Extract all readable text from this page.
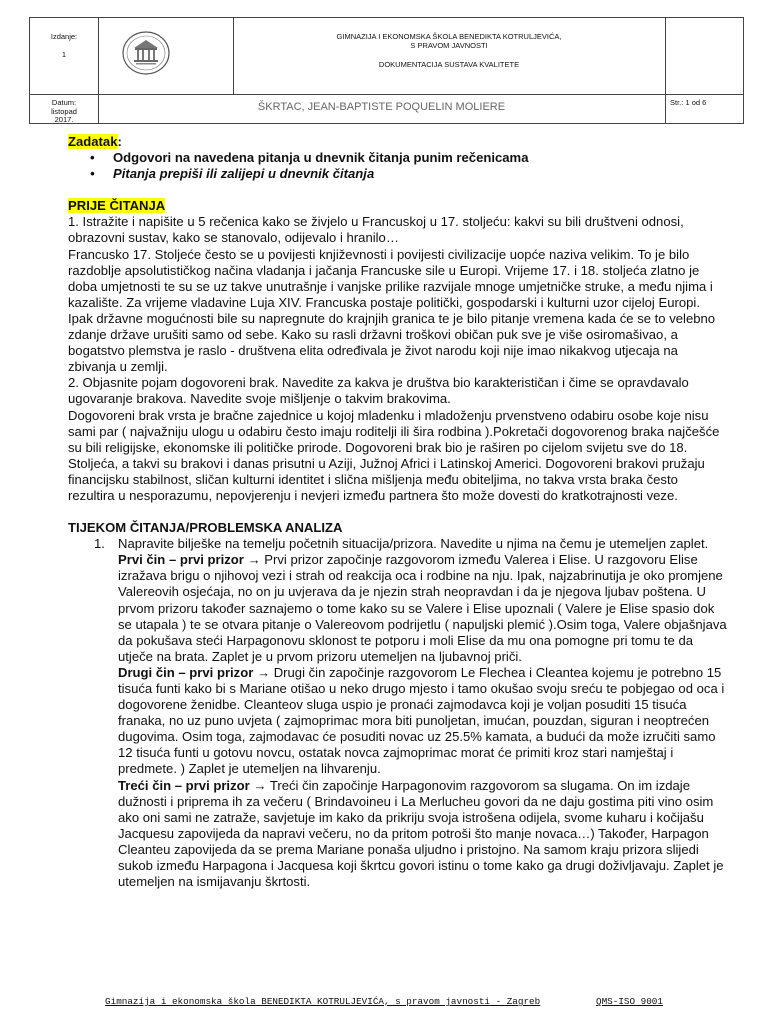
Izdanje:
1
GIMNAZIJA I EKONOMSKA ŠKOLA BENEDIKTA KOTRULJEVIĆA,
S PRAVOM JAVNOSTI
DOKUMENTACIJA SUSTAVA KVALITETE
Datum:
listopad
2017.
ŠKRTAC, JEAN-BAPTISTE POQUELIN MOLIERE	Str.: 1 od 6

Zadatak:

• Odgovori na navedena pitanja u dnevnik čitanja punim rečenicama

• Pitanja prepiši ili zalijepi u dnevnik čitanja

PRIJE ČITANJA

1. Istražite i napišite u 5 rečenica kako se živjelo u Francuskoj u 17. stoljeću: kakvi su bili društveni odnosi, obrazovni sustav, kako se stanovalo, odijevalo i hranilo…

Francusko 17. Stoljeće često se u povijesti književnosti i povijesti civilizacije uopće naziva velikim. To je bilo razdoblje apsolutističkog načina vladanja i jačanja Francuske sile u Europi. Vrijeme 17. i 18. stoljeća zlatno je doba umjetnosti te su se uz takve unutrašnje i vanjske prilike razvijale mnoge umjetničke struke, a među njima i kazalište. Za vrijeme vladavine Luja XIV. Francuska postaje politički, gospodarski i kulturni uzor cijeloj Europi. Ipak državne mogućnosti bile su napregnute do krajnjih granica te je bilo pitanje vremena kada će se to velebno zdanje države urušiti samo od sebe. Kako su rasli državni troškovi običan puk sve je više osiromašivao, a bogatstvo plemstva je raslo - društvena elita određivala je život narodu koji nije imao nikakvog utjecaja na zbivanja u zemlji.

2. Objasnite pojam dogovoreni brak. Navedite za kakva je društva bio karakterističan i čime se opravdavalo ugovaranje brakova. Navedite svoje mišljenje o takvim brakovima.

Dogovoreni brak vrsta je bračne zajednice u kojoj mladenku i mladoženju prvenstveno odabiru osobe koje nisu sami par ( najvažniju ulogu u odabiru često imaju roditelji ili šira rodbina ).Pokretači dogovorenog braka najčešće su bili religijske, ekonomske ili političke prirode. Dogovoreni brak bio je raširen po cijelom svijetu sve do 18. Stoljeća, a takvi su brakovi i danas prisutni u Aziji, Južnoj Africi i Latinskoj Americi. Dogovoreni brakovi pružaju financijsku stabilnost, sličan kulturni identitet i slična mišljenja među obiteljima, no takva vrsta braka često rezultira u nesporazumu, nepovjerenju i nevjeri između partnera što može dovesti do kratkotrajnosti veze.

TIJEKOM ČITANJA/PROBLEMSKA ANALIZA

1. Napravite bilješke na temelju početnih situacija/prizora. Navedite u njima na čemu je utemeljen zaplet.

Prvi čin – prvi prizor → Prvi prizor započinje razgovorom između Valerea i Elise. U razgovoru Elise izražava brigu o njihovoj vezi i strah od reakcija oca i rodbine na nju. Ipak, najzabrinutija je oko promjene Valereovih osjećaja, no on ju uvjerava da je njezin strah neopravdan i da je njegova ljubav poštena. U prvom prizoru također saznajemo o tome kako su se Valere i Elise upoznali ( Valere je Elise spasio dok se utapala ) te se otvara pitanje o Valereovom podrijetlu ( napuljski plemić ).Osim toga, Valere objašnjava da pokušava steći Harpagonovu sklonost te potporu i moli Elise da mu ona pomogne pri tomu te da utječe na brata. Zaplet je u prvom prizoru utemeljen na ljubavnoj priči.

Drugi čin – prvi prizor → Drugi čin započinje razgovorom Le Flechea i Cleantea kojemu je potrebno 15 tisuća funti kako bi s Mariane otišao u neko drugo mjesto i tamo okušao svoju sreću te pobjegao od oca i dogovorene ženidbe. Cleanteov sluga uspio je pronaći zajmodavca koji je voljan posuditi 15 tisuća franaka, no uz puno uvjeta ( zajmoprimac mora biti punoljetan, imućan, pouzdan, siguran i neoptrećen dugovima. Osim toga, zajmodavac će posuditi novac uz 25.5% kamata, a budući da može izručiti samo 12 tisuća funti u gotovu novcu, ostatak novca zajmoprimac morat će primiti kroz stari namještaj i predmete. ) Zaplet je utemeljen na lihvarenju.

Treći čin – prvi prizor → Treći čin započinje Harpagonovim razgovorom sa slugama. On im izdaje dužnosti i priprema ih za večeru ( Brindavoineu i La Merlucheu govori da ne daju gostima piti vino osim ako oni sami ne zatraže, savjetuje im kako da prikriju svoja istrošena odijela, svome kuharu i kočijašu Jacquesu zapovijeda da napravi večeru, no da pritom potroši što manje novaca…) Također, Harpagon Cleanteu zapovijeda da se prema Mariane ponaša uljudno i pristojno. Na samom kraju prizora slijedi sukob između Harpagona i Jacquesa koji škrtcu govori istinu o tome kako ga drugi doživljavaju. Zaplet je utemeljen na ismijavanju škrtosti.

Gimnazija i ekonomska škola BENEDIKTA KOTRULJEVIĆA, s pravom javnosti - Zagreb	QMS-ISO 9001
